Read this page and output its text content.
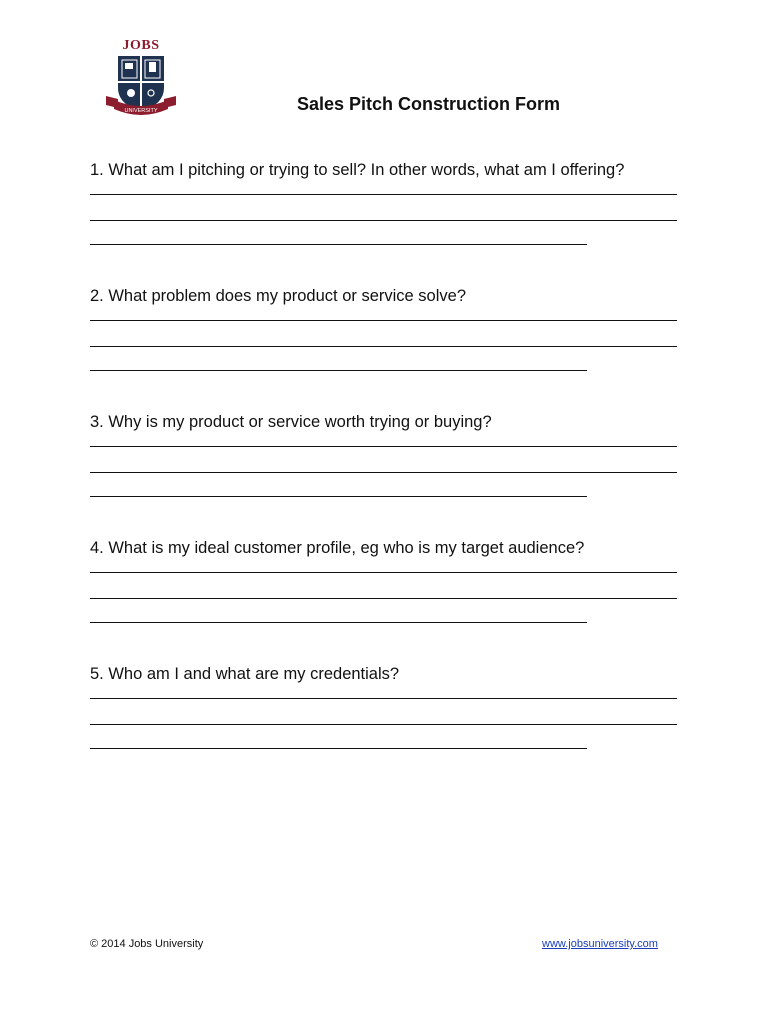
JOBS
UNIVERSITY	Sales Pitch Construction Form
1. What am I pitching or trying to sell? In other words, what am I offering?
2. What problem does my product or service solve?
3. Why is my product or service worth trying or buying?
4. What is my ideal customer profile, eg who is my target audience?
5. Who am I and what are my credentials?
© 2014 Jobs University	www.jobsuniversity.com
